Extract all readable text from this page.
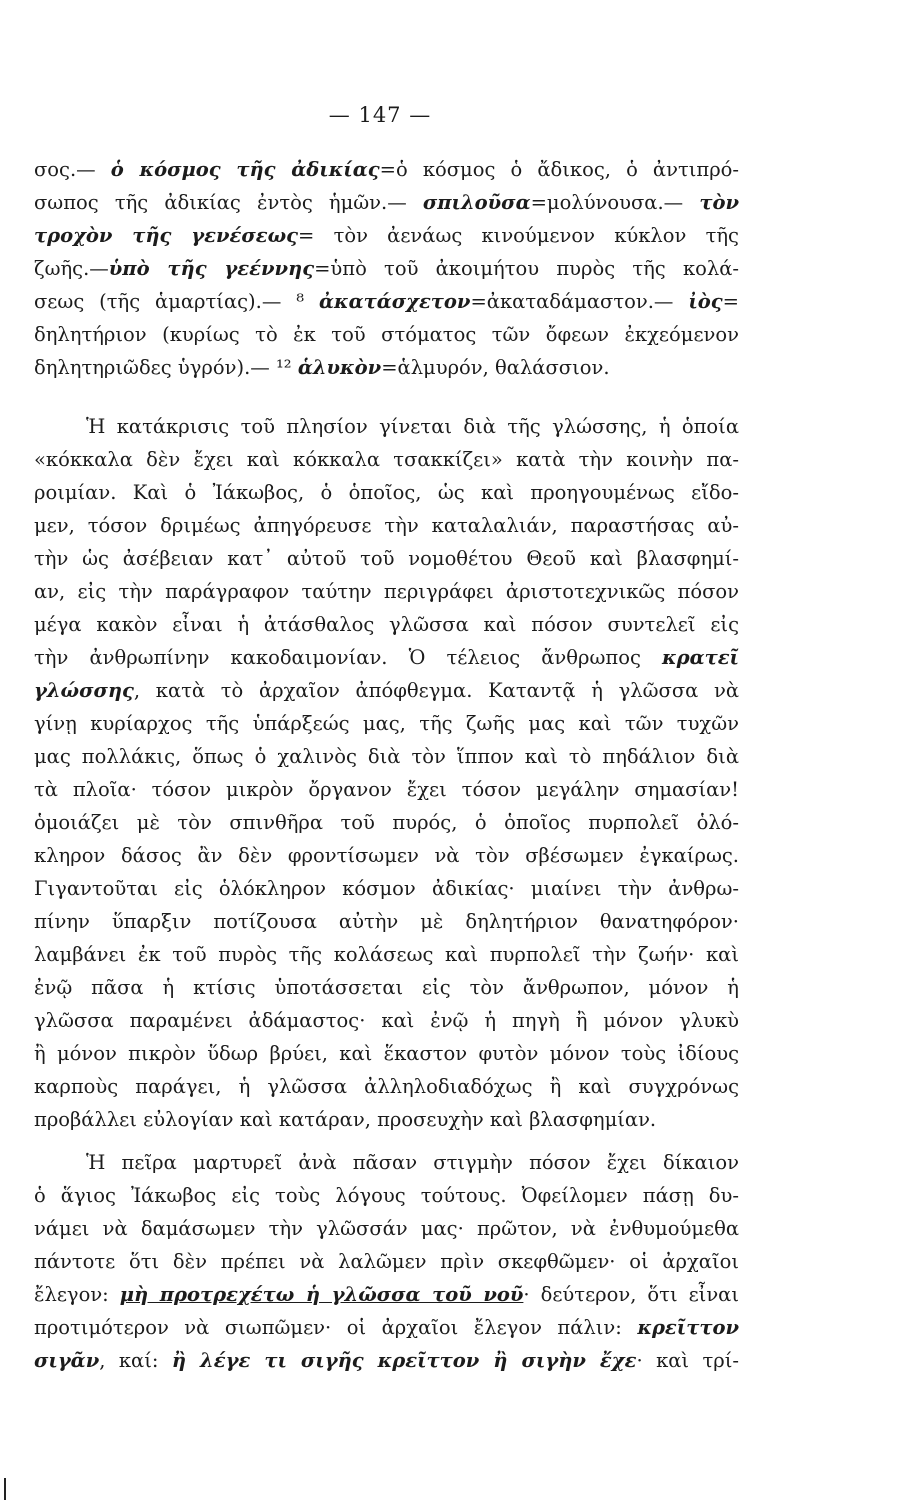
— 147 —
σος.— ὁ κόσμος τῆς ἀδικίας=ὁ κόσμος ὁ ἄδικος, ὁ ἀντιπρό-
σωπος τῆς ἀδικίας ἐντὸς ἡμῶν.— σπιλοῦσα=μολύνουσα.— τὸν
τροχὸν τῆς γενέσεως= τὸν ἀενάως κινούμενον κύκλον τῆς
ζωῆς.—ὑπὸ τῆς γεέννης=ὑπὸ τοῦ ἀκοιμήτου πυρὸς τῆς κολά-
σεως (τῆς ἁμαρτίας).— ⁸ ἀκατάσχετον=ἀκαταδάμαστον.— ἰὸς=
δηλητήριον (κυρίως τὸ ἐκ τοῦ στόματος τῶν ὄφεων ἐκχεόμενον
δηλητηριῶδες ὑγρόν).— ¹² ἁλυκὸν=ἁλμυρόν, θαλάσσιον.
Ἡ κατάκρισις τοῦ πλησίον γίνεται διὰ τῆς γλώσσης, ἡ ὁποία
«κόκκαλα δὲν ἔχει καὶ κόκκαλα τσακκίζει» κατὰ τὴν κοινὴν πα-
ροιμίαν. Καὶ ὁ Ἰάκωβος, ὁ ὁποῖος, ὡς καὶ προηγουμένως εἴδο-
μεν, τόσον δριμέως ἀπηγόρευσε τὴν καταλαλιάν, παραστήσας αὐ-
τὴν ὡς ἀσέβειαν κατ᾽ αὐτοῦ τοῦ νομοθέτου Θεοῦ καὶ βλασφημί-
αν, εἰς τὴν παράγραφον ταύτην περιγράφει ἀριστοτεχνικῶς πόσον
μέγα κακὸν εἶναι ἡ ἀτάσθαλος γλῶσσα καὶ πόσον συντελεῖ εἰς
τὴν ἀνθρωπίνην κακοδαιμονίαν. Ὁ τέλειος ἄνθρωπος κρατεῖ
γλώσσης, κατὰ τὸ ἀρχαῖον ἀπόφθεγμα. Καταντᾷ ἡ γλῶσσα νὰ
γίνῃ κυρίαρχος τῆς ὑπάρξεώς μας, τῆς ζωῆς μας καὶ τῶν τυχῶν
μας πολλάκις, ὅπως ὁ χαλινὸς διὰ τὸν ἵππον καὶ τὸ πηδάλιον διὰ
τὰ πλοῖα· τόσον μικρὸν ὄργανον ἔχει τόσον μεγάλην σημασίαν!
ὁμοιάζει μὲ τὸν σπινθῆρα τοῦ πυρός, ὁ ὁποῖος πυρπολεῖ ὁλό-
κληρον δάσος ἂν δὲν φροντίσωμεν νὰ τὸν σβέσωμεν ἐγκαίρως.
Γιγαντοῦται εἰς ὁλόκληρον κόσμον ἀδικίας· μιαίνει τὴν ἀνθρω-
πίνην ὕπαρξιν ποτίζουσα αὐτὴν μὲ δηλητήριον θανατηφόρον·
λαμβάνει ἐκ τοῦ πυρὸς τῆς κολάσεως καὶ πυρπολεῖ τὴν ζωήν· καὶ
ἐνῷ πᾶσα ἡ κτίσις ὑποτάσσεται εἰς τὸν ἄνθρωπον, μόνον ἡ
γλῶσσα παραμένει ἀδάμαστος· καὶ ἐνῷ ἡ πηγὴ ἢ μόνον γλυκὺ
ἢ μόνον πικρὸν ὕδωρ βρύει, καὶ ἕκαστον φυτὸν μόνον τοὺς ἰδίους
καρποὺς παράγει, ἡ γλῶσσα ἀλληλοδιαδόχως ἢ καὶ συγχρόνως
προβάλλει εὐλογίαν καὶ κατάραν, προσευχὴν καὶ βλασφημίαν.
Ἡ πεῖρα μαρτυρεῖ ἀνὰ πᾶσαν στιγμὴν πόσον ἔχει δίκαιον
ὁ ἅγιος Ἰάκωβος εἰς τοὺς λόγους τούτους. Ὀφείλομεν πάσῃ δυ-
νάμει νὰ δαμάσωμεν τὴν γλῶσσάν μας· πρῶτον, νὰ ἐνθυμούμεθα
πάντοτε ὅτι δὲν πρέπει νὰ λαλῶμεν πρὶν σκεφθῶμεν· οἱ ἀρχαῖοι
ἔλεγον: μὴ προτρεχέτω ἡ γλῶσσα τοῦ νοῦ· δεύτερον, ὅτι εἶναι
προτιμότερον νὰ σιωπῶμεν· οἱ ἀρχαῖοι ἔλεγον πάλιν: κρεῖττον
σιγᾶν, καί: ἢ λέγε τι σιγῆς κρεῖττον ἢ σιγὴν ἔχε· καὶ τρί-
